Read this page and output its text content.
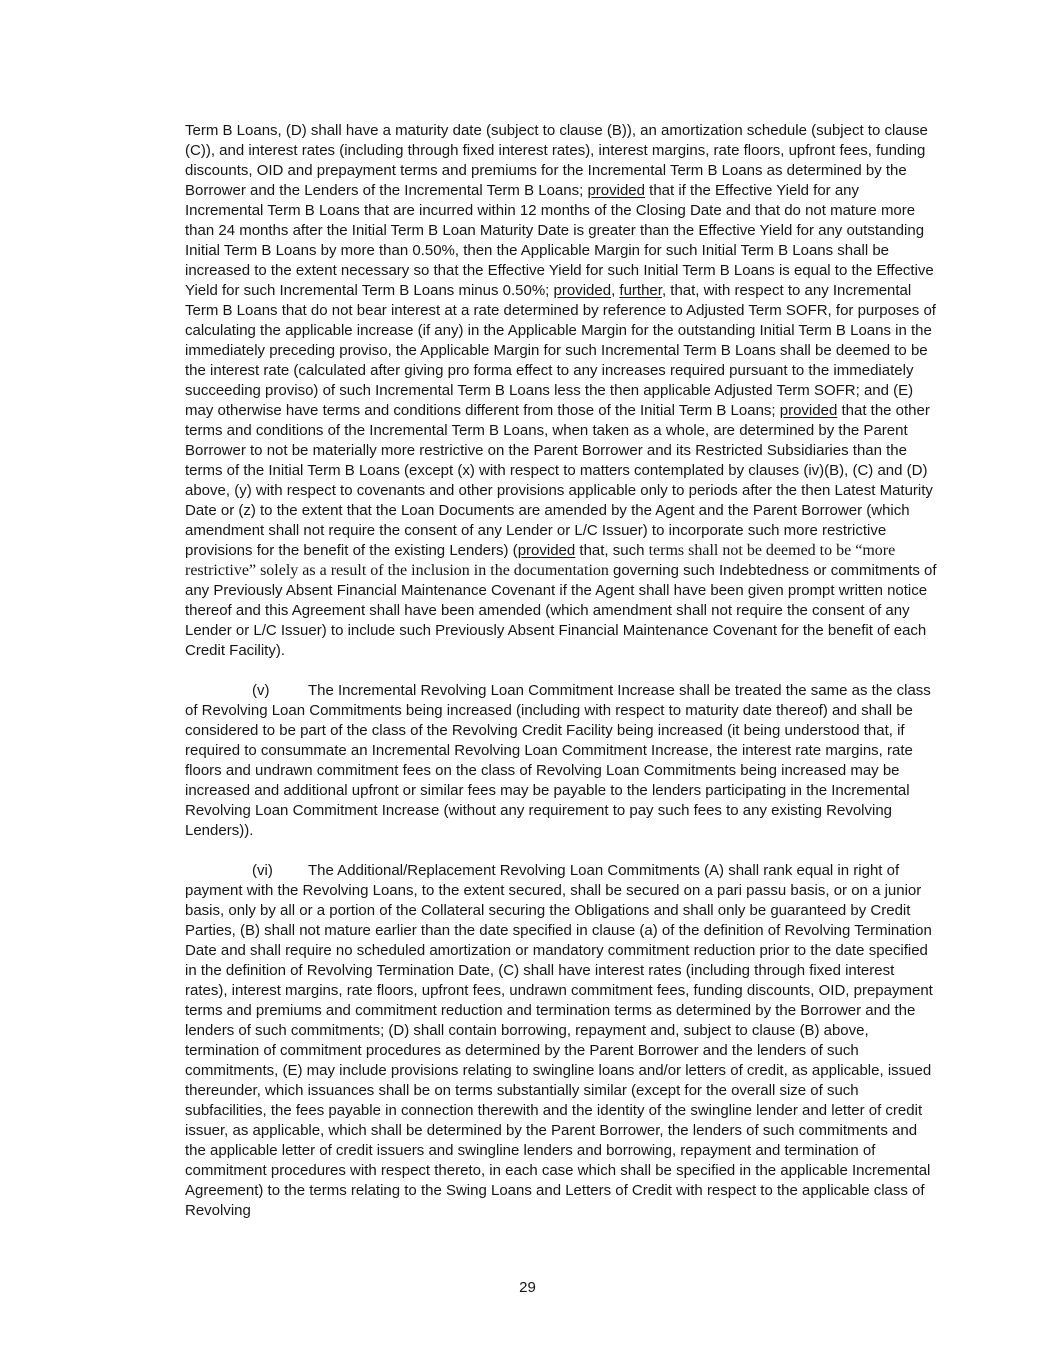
Term B Loans, (D) shall have a maturity date (subject to clause (B)), an amortization schedule (subject to clause (C)), and interest rates (including through fixed interest rates), interest margins, rate floors, upfront fees, funding discounts, OID and prepayment terms and premiums for the Incremental Term B Loans as determined by the Borrower and the Lenders of the Incremental Term B Loans; provided that if the Effective Yield for any Incremental Term B Loans that are incurred within 12 months of the Closing Date and that do not mature more than 24 months after the Initial Term B Loan Maturity Date is greater than the Effective Yield for any outstanding Initial Term B Loans by more than 0.50%, then the Applicable Margin for such Initial Term B Loans shall be increased to the extent necessary so that the Effective Yield for such Initial Term B Loans is equal to the Effective Yield for such Incremental Term B Loans minus 0.50%; provided, further, that, with respect to any Incremental Term B Loans that do not bear interest at a rate determined by reference to Adjusted Term SOFR, for purposes of calculating the applicable increase (if any) in the Applicable Margin for the outstanding Initial Term B Loans in the immediately preceding proviso, the Applicable Margin for such Incremental Term B Loans shall be deemed to be the interest rate (calculated after giving pro forma effect to any increases required pursuant to the immediately succeeding proviso) of such Incremental Term B Loans less the then applicable Adjusted Term SOFR; and (E) may otherwise have terms and conditions different from those of the Initial Term B Loans; provided that the other terms and conditions of the Incremental Term B Loans, when taken as a whole, are determined by the Parent Borrower to not be materially more restrictive on the Parent Borrower and its Restricted Subsidiaries than the terms of the Initial Term B Loans (except (x) with respect to matters contemplated by clauses (iv)(B), (C) and (D) above, (y) with respect to covenants and other provisions applicable only to periods after the then Latest Maturity Date or (z) to the extent that the Loan Documents are amended by the Agent and the Parent Borrower (which amendment shall not require the consent of any Lender or L/C Issuer) to incorporate such more restrictive provisions for the benefit of the existing Lenders) (provided that, such terms shall not be deemed to be “more restrictive” solely as a result of the inclusion in the documentation governing such Indebtedness or commitments of any Previously Absent Financial Maintenance Covenant if the Agent shall have been given prompt written notice thereof and this Agreement shall have been amended (which amendment shall not require the consent of any Lender or L/C Issuer) to include such Previously Absent Financial Maintenance Covenant for the benefit of each Credit Facility).

(v)	The Incremental Revolving Loan Commitment Increase shall be treated the same as the class of Revolving Loan Commitments being increased (including with respect to maturity date thereof) and shall be considered to be part of the class of the Revolving Credit Facility being increased (it being understood that, if required to consummate an Incremental Revolving Loan Commitment Increase, the interest rate margins, rate floors and undrawn commitment fees on the class of Revolving Loan Commitments being increased may be increased and additional upfront or similar fees may be payable to the lenders participating in the Incremental Revolving Loan Commitment Increase (without any requirement to pay such fees to any existing Revolving Lenders)).

(vi) The Additional/Replacement Revolving Loan Commitments (A) shall rank equal in right of payment with the Revolving Loans, to the extent secured, shall be secured on a pari passu basis, or on a junior basis, only by all or a portion of the Collateral securing the Obligations and shall only be guaranteed by Credit Parties, (B) shall not mature earlier than the date specified in clause (a) of the definition of Revolving Termination Date and shall require no scheduled amortization or mandatory commitment reduction prior to the date specified in the definition of Revolving Termination Date, (C) shall have interest rates (including through fixed interest rates), interest margins, rate floors, upfront fees, undrawn commitment fees, funding discounts, OID, prepayment terms and premiums and commitment reduction and termination terms as determined by the Borrower and the lenders of such commitments; (D) shall contain borrowing, repayment and, subject to clause (B) above, termination of commitment procedures as determined by the Parent Borrower and the lenders of such commitments, (E) may include provisions relating to swingline loans and/or letters of credit, as applicable, issued thereunder, which issuances shall be on terms substantially similar (except for the overall size of such subfacilities, the fees payable in connection therewith and the identity of the swingline lender and letter of credit issuer, as applicable, which shall be determined by the Parent Borrower, the lenders of such commitments and the applicable letter of credit issuers and swingline lenders and borrowing, repayment and termination of commitment procedures with respect thereto, in each case which shall be specified in the applicable Incremental Agreement) to the terms relating to the Swing Loans and Letters of Credit with respect to the applicable class of Revolving

29
